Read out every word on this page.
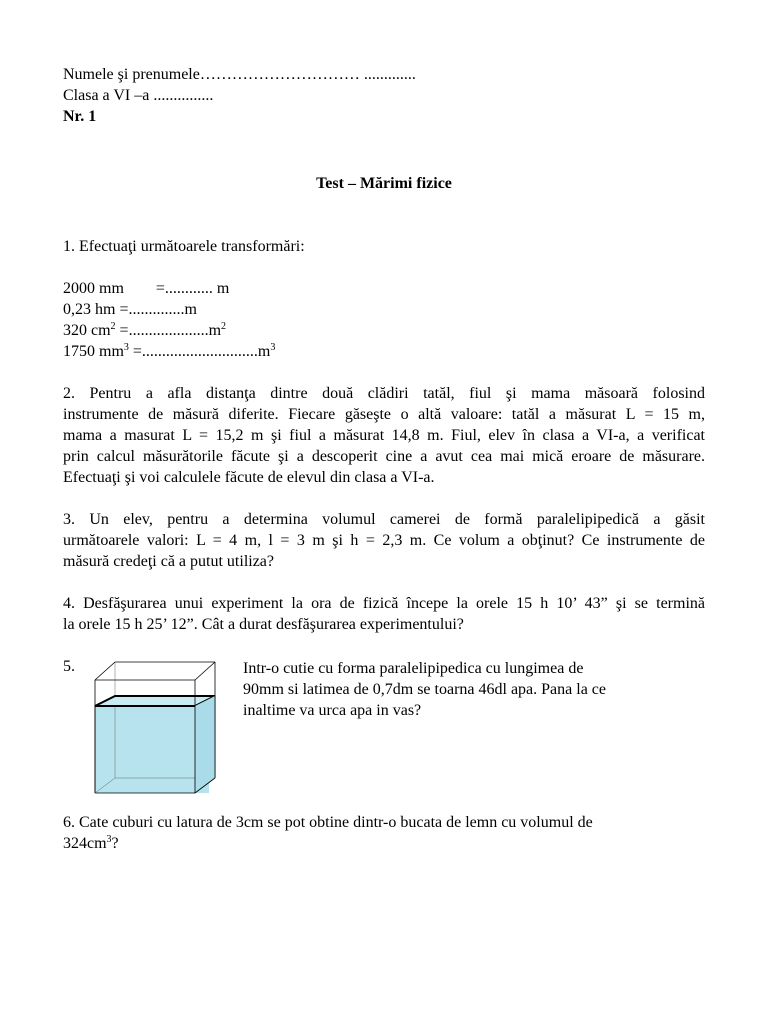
Numele şi prenumele………………………… .............
Clasa a VI –a ...............
Nr. 1
Test – Mărimi fizice
1. Efectuaţi următoarele transformări:
2000 mm        =............ m
0,23 hm =..............m
320 $cm^2 =....................m^2$
1750 $mm^3 =.............................m^3$
2. Pentru a afla distanţa dintre două clădiri tatăl, fiul şi mama măsoară folosind
instrumente de măsură diferite. Fiecare găseşte o altă valoare: tatăl a măsurat L = 15 m,
mama a masurat L = 15,2 m şi fiul a măsurat 14,8 m. Fiul, elev în clasa a VI-a, a verificat
prin calcul măsurătorile făcute şi a descoperit cine a avut cea mai mică eroare de măsurare.
Efectuaţi şi voi calculele făcute de elevul din clasa a VI-a.
3. Un elev, pentru a determina volumul camerei de formă paralelipipedică a găsit
următoarele valori: L = 4 m, l = 3 m şi h = 2,3 m. Ce volum a obţinut? Ce instrumente de
măsură credeţi că a putut utiliza?
4. Desfăşurarea unui experiment la ora de fizică începe la orele 15 h 10’ 43” şi se termină
la orele 15 h 25’ 12”. Cât a durat desfăşurarea experimentului?
5.	Intr-o cutie cu forma paralelipipedica cu lungimea de
90mm si latimea de 0,7dm se toarna 46dl apa. Pana la ce
inaltime va urca apa in vas?
6. Cate cuburi cu latura de 3cm se pot obtine dintr-o bucata de lemn cu volumul de
$324cm^3$?
